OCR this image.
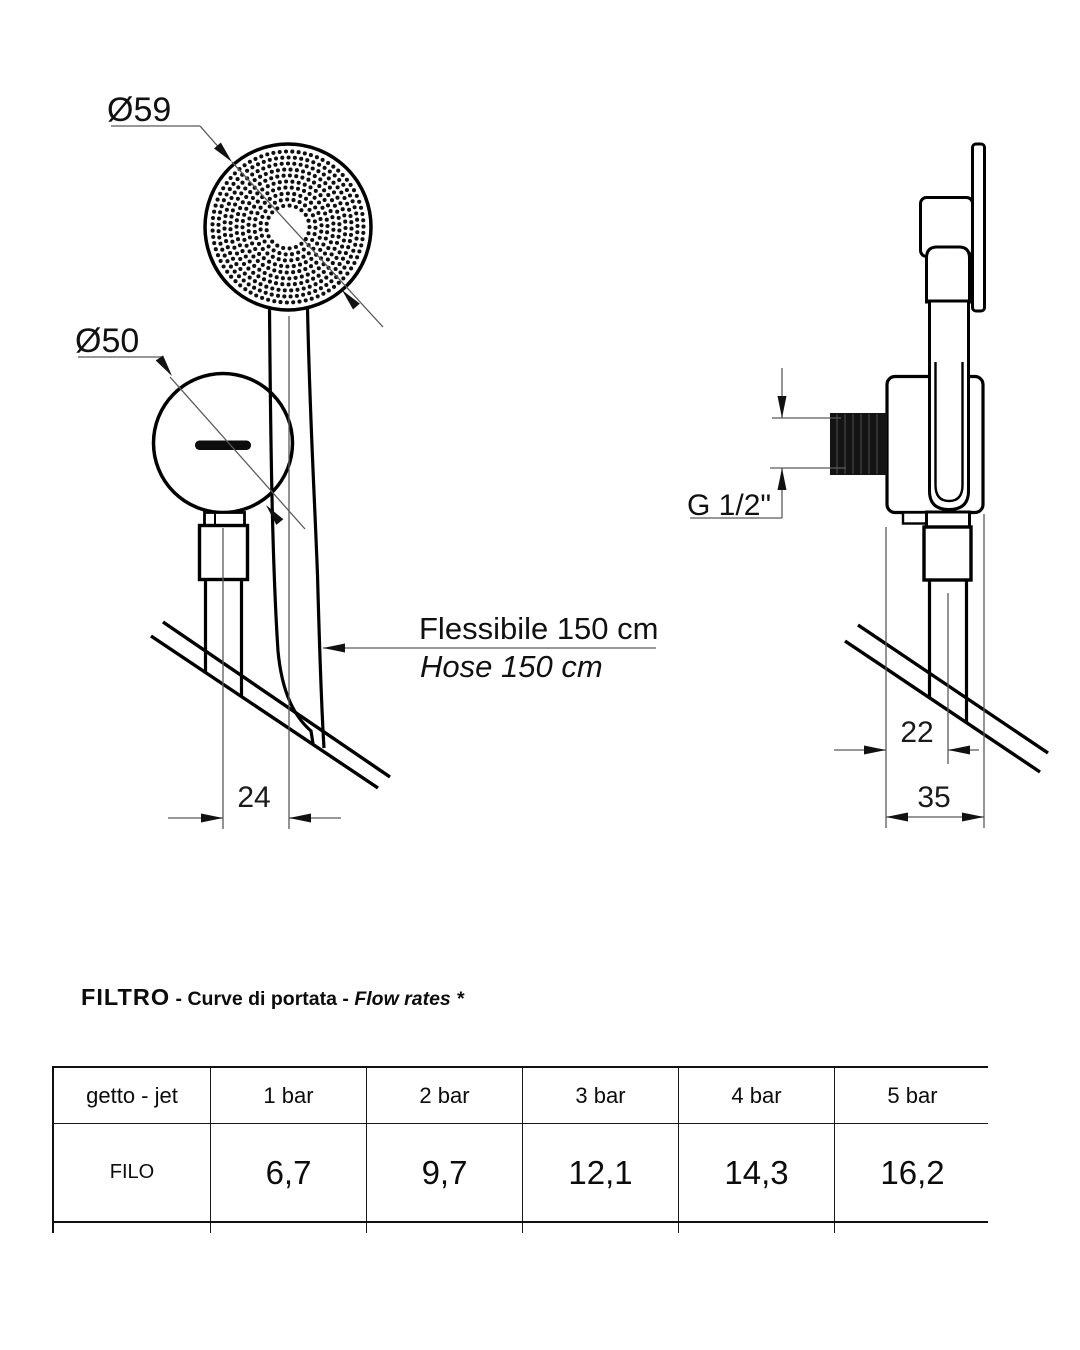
Ø59
Ø50
Flessibile 150 cm
Hose 150 cm
24
G 1/2"
22
35
FILTRO - Curve di portata - Flow rates *
getto - jet	1 bar	2 bar	3 bar	4 bar	5 bar
FILO	6,7	9,7	12,1	14,3	16,2
